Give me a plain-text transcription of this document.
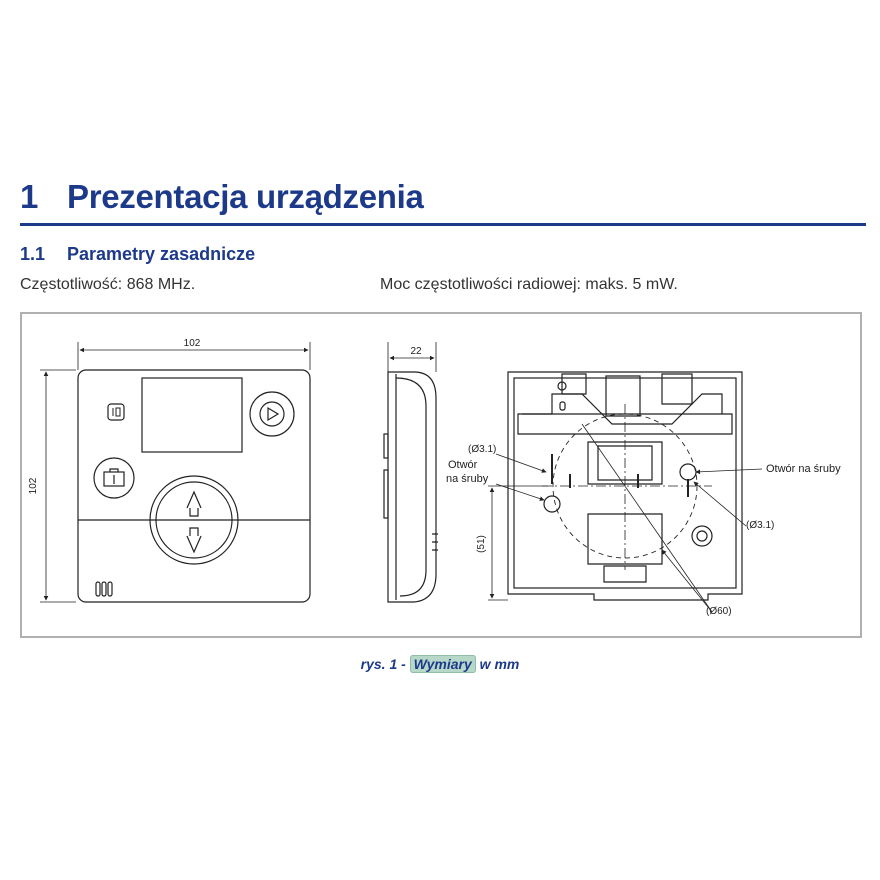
1 Prezentacja urządzenia
1.1 Parametry zasadnicze
Częstotliwość: 868 MHz.	Moc częstotliwości radiowej: maks. 5 mW.
102
102
22
(Ø3.1)
Otwór
na śruby
Otwór na śruby
(Ø3.1)
(51)
(Ø60)
rys. 1 - Wymiary w mm
